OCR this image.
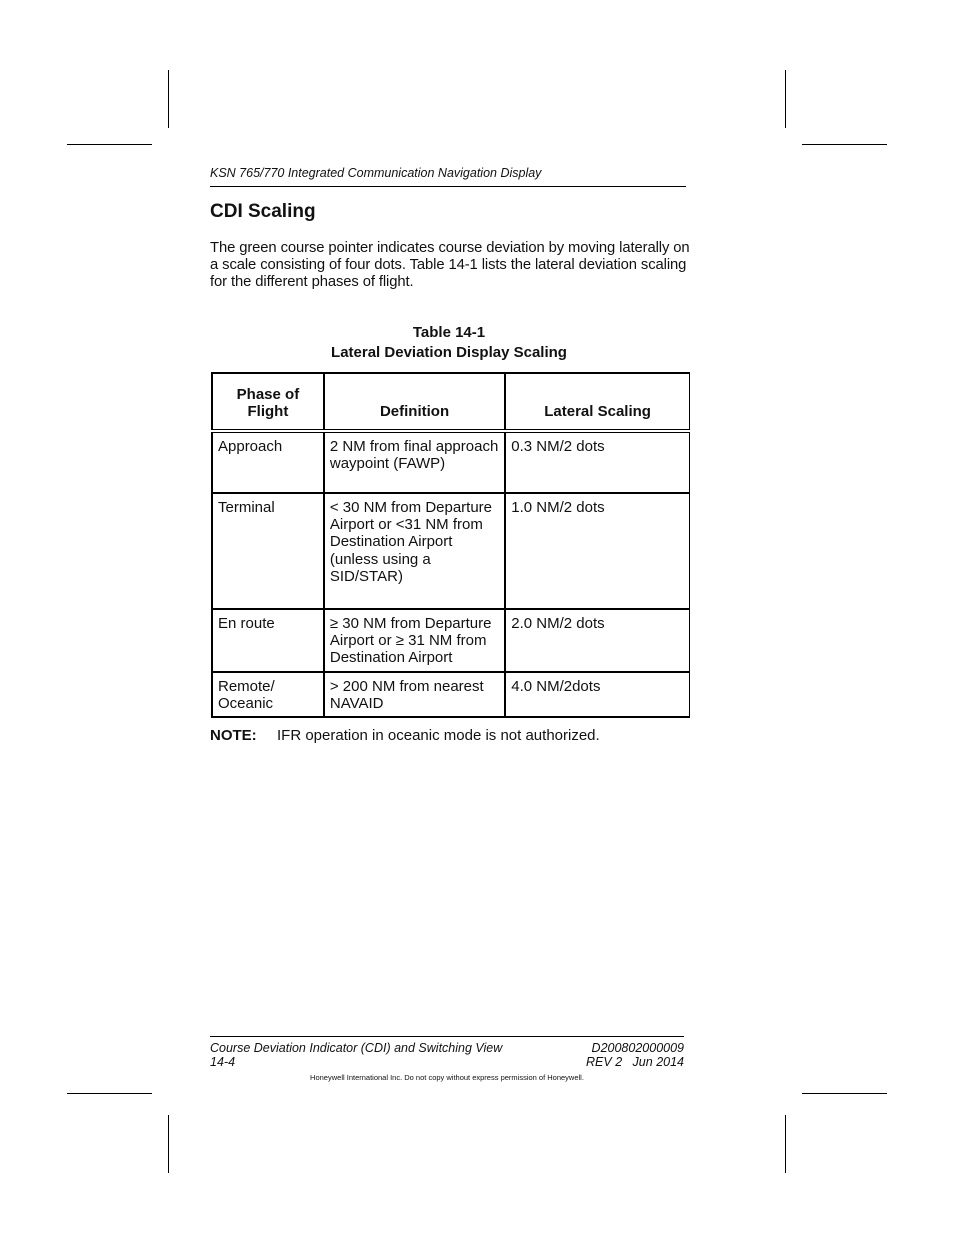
KSN 765/770 Integrated Communication Navigation Display
CDI Scaling

The green course pointer indicates course deviation by moving laterally on a scale consisting of four dots. Table 14-1 lists the lateral deviation scaling for the different phases of flight.

Table 14-1
Lateral Deviation Display Scaling
Phase of Flight	Definition	Lateral Scaling
Approach	2 NM from final approach waypoint (FAWP)	0.3 NM/2 dots
Terminal	< 30 NM from Departure Airport or <31 NM from Destination Airport (unless using a SID/STAR)	1.0 NM/2 dots
En route	≥ 30 NM from Departure Airport or ≥ 31 NM from Destination Airport	2.0 NM/2 dots
Remote/ Oceanic	> 200 NM from nearest NAVAID	4.0 NM/2dots
NOTE: IFR operation in oceanic mode is not authorized.
Course Deviation Indicator (CDI) and Switching View
14-4
D200802000009
REV 2   Jun 2014
Honeywell International Inc. Do not copy without express permission of Honeywell.
